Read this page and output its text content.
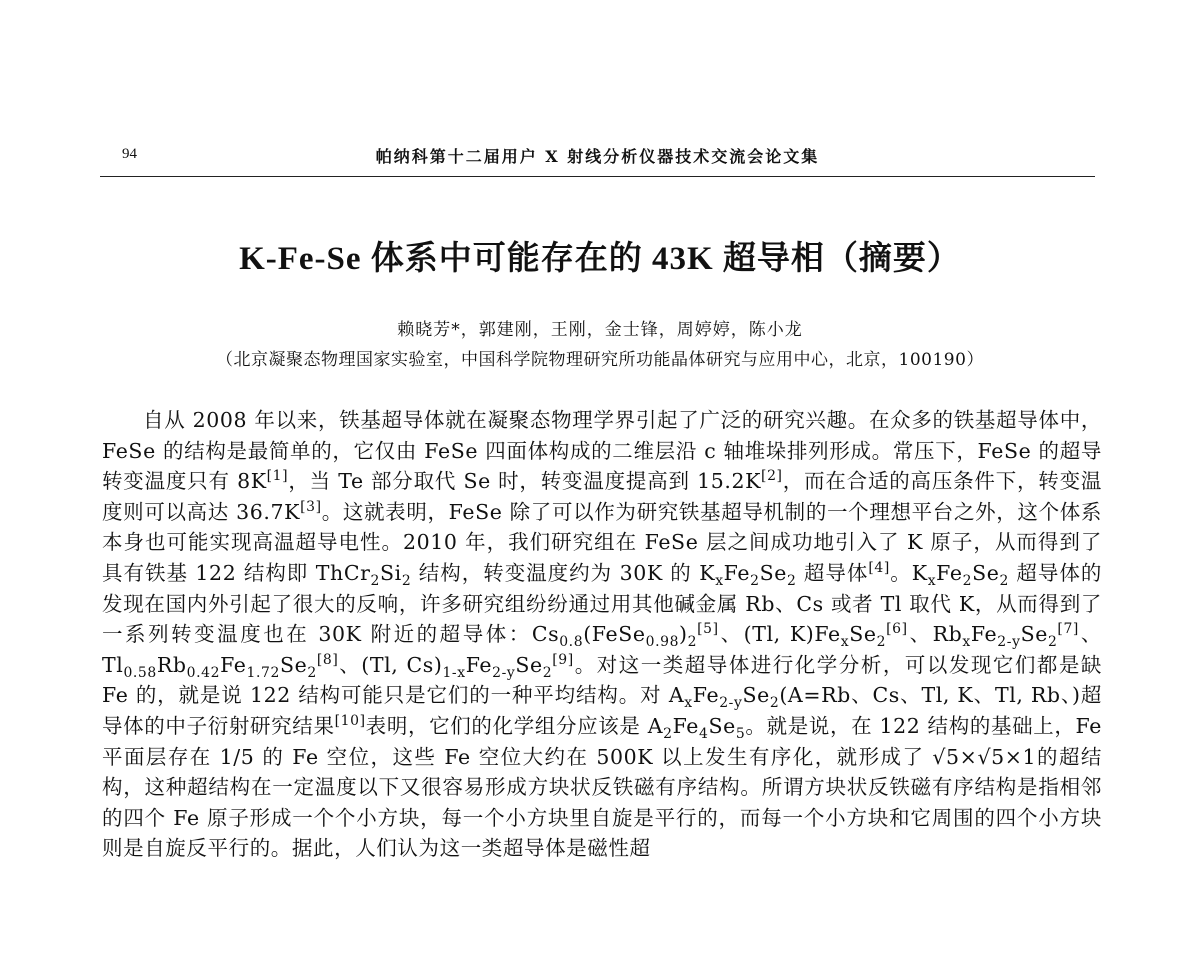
94	帕纳科第十二届用户 X 射线分析仪器技术交流会论文集
K-Fe-Se 体系中可能存在的 43K 超导相（摘要）
赖晓芳*，郭建刚，王刚，金士锋，周婷婷，陈小龙
（北京凝聚态物理国家实验室，中国科学院物理研究所功能晶体研究与应用中心，北京，100190）

自从 2008 年以来，铁基超导体就在凝聚态物理学界引起了广泛的研究兴趣。在众多的铁基超导体中，FeSe 的结构是最简单的，它仅由 FeSe 四面体构成的二维层沿 c 轴堆垛排列形成。常压下，FeSe 的超导转变温度只有 8K[1]，当 Te 部分取代 Se 时，转变温度提高到 15.2K[2]，而在合适的高压条件下，转变温度则可以高达 36.7K[3]。这就表明，FeSe 除了可以作为研究铁基超导机制的一个理想平台之外，这个体系本身也可能实现高温超导电性。2010 年，我们研究组在 FeSe 层之间成功地引入了 K 原子，从而得到了具有铁基 122 结构即 $ThCr_2Si_2$ 结构，转变温度约为 30K 的 $K_xFe_2Se_2$ 超导体[4]。$K_xFe_2Se_2$ 超导体的发现在国内外引起了很大的反响，许多研究组纷纷通过用其他碱金属 Rb、Cs 或者 Tl 取代 K，从而得到了一系列转变温度也在 30K 附近的超导体：$Cs_{0.8}(FeSe_{0.98})_2[5]$、(Tl, $K)Fe_xSe_2[6]$、$Rb_xFe_{2-y}Se_2[7]$、$Tl_{0.58}Rb_{0.42}Fe_{1.72}Se_2[8]$、(Tl, $Cs)_{1-x}Fe_{2-y}Se_2[9]$。对这一类超导体进行化学分析，可以发现它们都是缺 Fe 的，就是说 122 结构可能只是它们的一种平均结构。对 $A_xFe_{2-y}Se_2(A=Rb$、Cs、Tl, K、Tl, Rb、)超导体的中子衍射研究结果[10]表明，它们的化学组分应该是 $A_2Fe_4Se_5$。就是说，在 122 结构的基础上，Fe 平面层存在 1/5 的 Fe 空位，这些 Fe 空位大约在 500K 以上发生有序化，就形成了 √5×√5×1的超结构，这种超结构在一定温度以下又很容易形成方块状反铁磁有序结构。所谓方块状反铁磁有序结构是指相邻的四个 Fe 原子形成一个个小方块，每一个小方块里自旋是平行的，而每一个小方块和它周围的四个小方块则是自旋反平行的。据此，人们认为这一类超导体是磁性超
